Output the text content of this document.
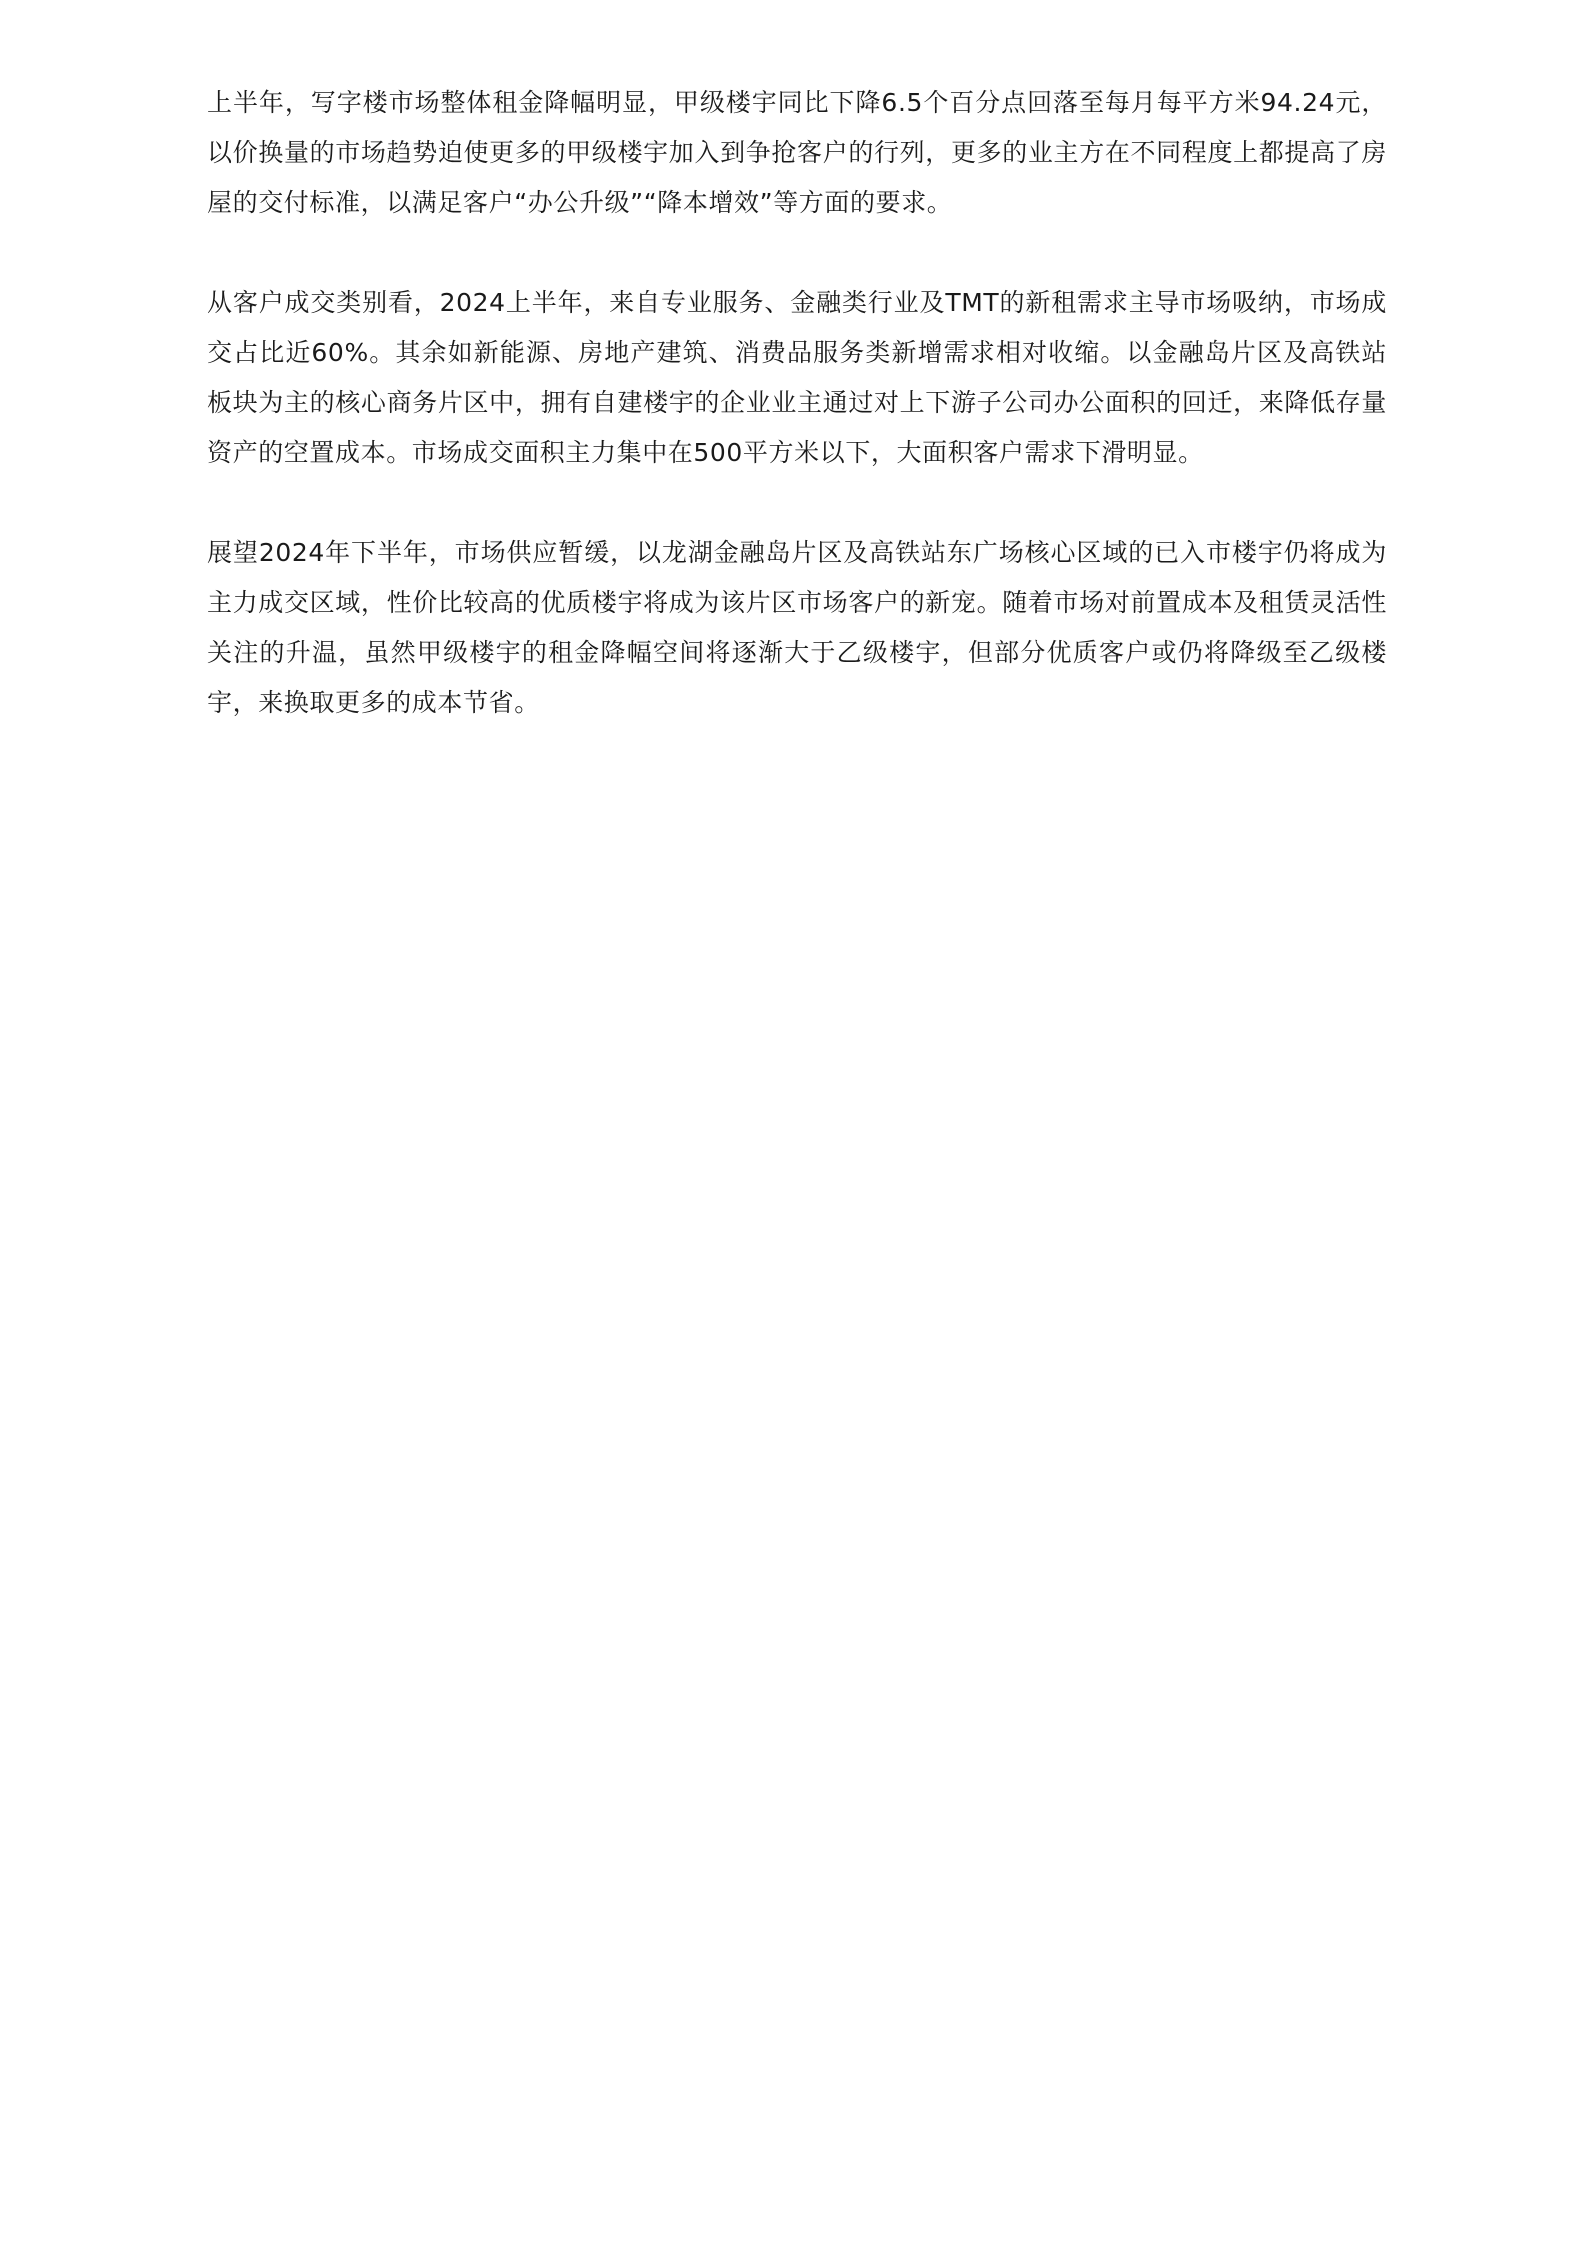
上半年，写字楼市场整体租金降幅明显，甲级楼宇同比下降6.5个百分点回落至每月每平方米94.24元，以价换量的市场趋势迫使更多的甲级楼宇加入到争抢客户的行列，更多的业主方在不同程度上都提高了房屋的交付标准，以满足客户“办公升级”“降本增效”等方面的要求。

从客户成交类别看，2024上半年，来自专业服务、金融类行业及TMT的新租需求主导市场吸纳，市场成交占比近60%。其余如新能源、房地产建筑、消费品服务类新增需求相对收缩。以金融岛片区及高铁站板块为主的核心商务片区中，拥有自建楼宇的企业业主通过对上下游子公司办公面积的回迁，来降低存量资产的空置成本。市场成交面积主力集中在500平方米以下，大面积客户需求下滑明显。

展望2024年下半年，市场供应暂缓，以龙湖金融岛片区及高铁站东广场核心区域的已入市楼宇仍将成为主力成交区域，性价比较高的优质楼宇将成为该片区市场客户的新宠。随着市场对前置成本及租赁灵活性关注的升温，虽然甲级楼宇的租金降幅空间将逐渐大于乙级楼宇，但部分优质客户或仍将降级至乙级楼宇，来换取更多的成本节省。
